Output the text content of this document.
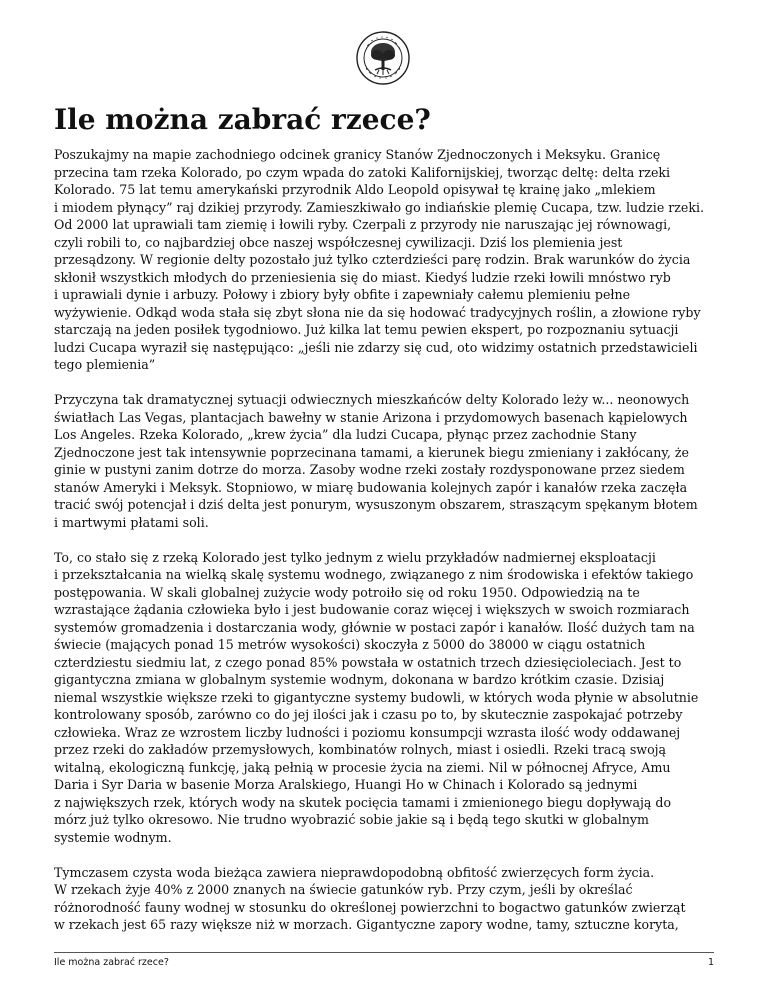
Ile można zabrać rzece?
Poszukajmy na mapie zachodniego odcinek granicy Stanów Zjednoczonych i Meksyku. Granicę
przecina tam rzeka Kolorado, po czym wpada do zatoki Kalifornijskiej, tworząc deltę: delta rzeki
Kolorado. 75 lat temu amerykański przyrodnik Aldo Leopold opisywał tę krainę jako „mlekiem
i miodem płynący” raj dzikiej przyrody. Zamieszkiwało go indiańskie plemię Cucapa, tzw. ludzie rzeki.
Od 2000 lat uprawiali tam ziemię i łowili ryby. Czerpali z przyrody nie naruszając jej równowagi,
czyli robili to, co najbardziej obce naszej współczesnej cywilizacji. Dziś los plemienia jest
przesądzony. W regionie delty pozostało już tylko czterdzieści parę rodzin. Brak warunków do życia
skłonił wszystkich młodych do przeniesienia się do miast. Kiedyś ludzie rzeki łowili mnóstwo ryb
i uprawiali dynie i arbuzy. Połowy i zbiory były obfite i zapewniały całemu plemieniu pełne
wyżywienie. Odkąd woda stała się zbyt słona nie da się hodować tradycyjnych roślin, a złowione ryby
starczają na jeden posiłek tygodniowo. Już kilka lat temu pewien ekspert, po rozpoznaniu sytuacji
ludzi Cucapa wyraził się następująco: „jeśli nie zdarzy się cud, oto widzimy ostatnich przedstawicieli
tego plemienia”
Przyczyna tak dramatycznej sytuacji odwiecznych mieszkańców delty Kolorado leży w... neonowych
światłach Las Vegas, plantacjach bawełny w stanie Arizona i przydomowych basenach kąpielowych
Los Angeles. Rzeka Kolorado, „krew życia” dla ludzi Cucapa, płynąc przez zachodnie Stany
Zjednoczone jest tak intensywnie poprzecinana tamami, a kierunek biegu zmieniany i zakłócany, że
ginie w pustyni zanim dotrze do morza. Zasoby wodne rzeki zostały rozdysponowane przez siedem
stanów Ameryki i Meksyk. Stopniowo, w miarę budowania kolejnych zapór i kanałów rzeka zaczęła
tracić swój potencjał i dziś delta jest ponurym, wysuszonym obszarem, straszącym spękanym błotem
i martwymi płatami soli.
To, co stało się z rzeką Kolorado jest tylko jednym z wielu przykładów nadmiernej eksploatacji
i przekształcania na wielką skalę systemu wodnego, związanego z nim środowiska i efektów takiego
postępowania. W skali globalnej zużycie wody potroiło się od roku 1950. Odpowiedzią na te
wzrastające żądania człowieka było i jest budowanie coraz więcej i większych w swoich rozmiarach
systemów gromadzenia i dostarczania wody, głównie w postaci zapór i kanałów. Ilość dużych tam na
świecie (mających ponad 15 metrów wysokości) skoczyła z 5000 do 38000 w ciągu ostatnich
czterdziestu siedmiu lat, z czego ponad 85% powstała w ostatnich trzech dziesięcioleciach. Jest to
gigantyczna zmiana w globalnym systemie wodnym, dokonana w bardzo krótkim czasie. Dzisiaj
niemal wszystkie większe rzeki to gigantyczne systemy budowli, w których woda płynie w absolutnie
kontrolowany sposób, zarówno co do jej ilości jak i czasu po to, by skutecznie zaspokajać potrzeby
człowieka. Wraz ze wzrostem liczby ludności i poziomu konsumpcji wzrasta ilość wody oddawanej
przez rzeki do zakładów przemysłowych, kombinatów rolnych, miast i osiedli. Rzeki tracą swoją
witalną, ekologiczną funkcję, jaką pełnią w procesie życia na ziemi. Nil w północnej Afryce, Amu
Daria i Syr Daria w basenie Morza Aralskiego, Huangi Ho w Chinach i Kolorado są jednymi
z największych rzek, których wody na skutek pocięcia tamami i zmienionego biegu dopływają do
mórz już tylko okresowo. Nie trudno wyobrazić sobie jakie są i będą tego skutki w globalnym
systemie wodnym.
Tymczasem czysta woda bieżąca zawiera nieprawdopodobną obfitość zwierzęcych form życia.
W rzekach żyje 40% z 2000 znanych na świecie gatunków ryb. Przy czym, jeśli by określać
różnorodność fauny wodnej w stosunku do określonej powierzchni to bogactwo gatunków zwierząt
w rzekach jest 65 razy większe niż w morzach. Gigantyczne zapory wodne, tamy, sztuczne koryta,
Ile można zabrać rzece?	1
